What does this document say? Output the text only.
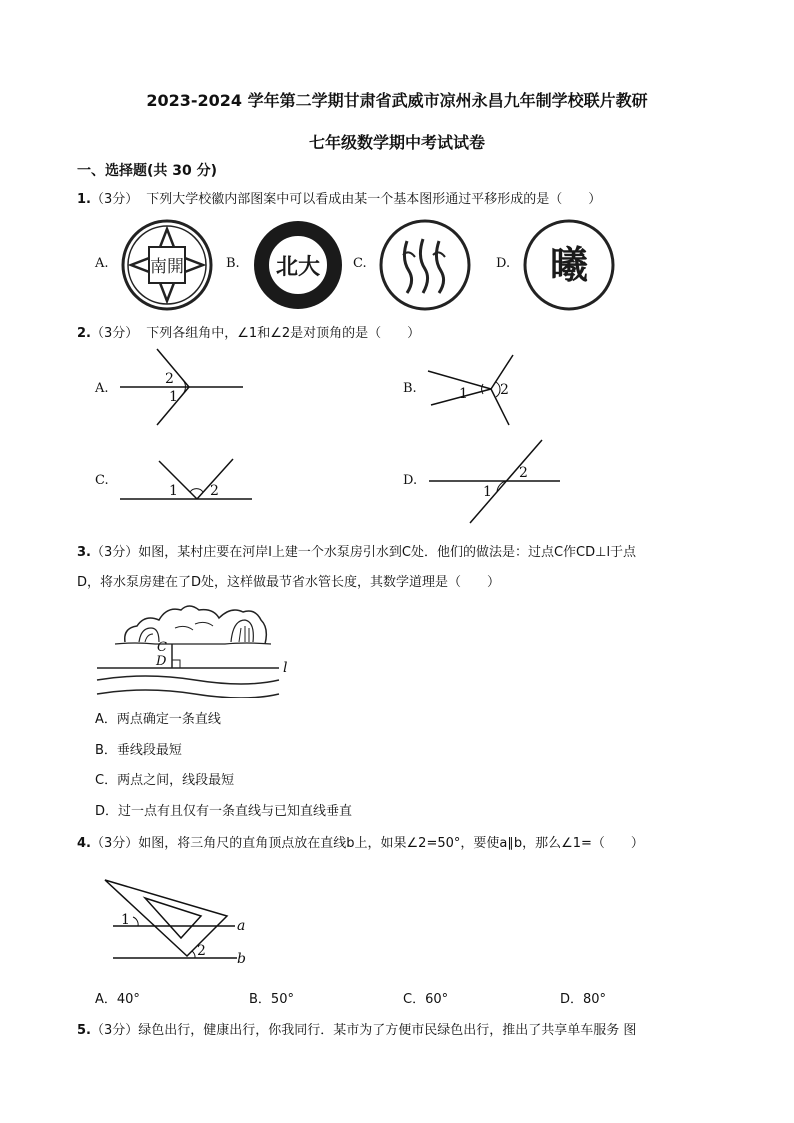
2023-2024 学年第二学期甘肃省武威市凉州永昌九年制学校联片教研
七年级数学期中考试试卷
一、选择题(共 30 分)
1.（3分） 下列大学校徽内部图案中可以看成由某一个基本图形通过平移形成的是（　　）
A. 南開	B. 北大	C.
州
D. 曦
2.（3分） 下列各组角中，∠1和∠2是对顶角的是（　　）
A.
2
1
B.	1 2
C.
1 2
D.	2
1
3.（3分）如图，某村庄要在河岸l上建一个水泵房引水到C处．他们的做法是：过点C作CD⊥l于点
D，将水泵房建在了D处，这样做最节省水管长度，其数学道理是（　　）
C
D	l
A．两点确定一条直线
B．垂线段最短
C．两点之间，线段最短
D．过一点有且仅有一条直线与已知直线垂直
4.（3分）如图，将三角尺的直角顶点放在直线b上，如果∠2=50°，要使a∥b，那么∠1=（　　）
1
2
a
b
A．40°	B．50°	C．60°	D．80°
5.（3分）绿色出行，健康出行，你我同行．某市为了方便市民绿色出行，推出了共享单车服务 图
